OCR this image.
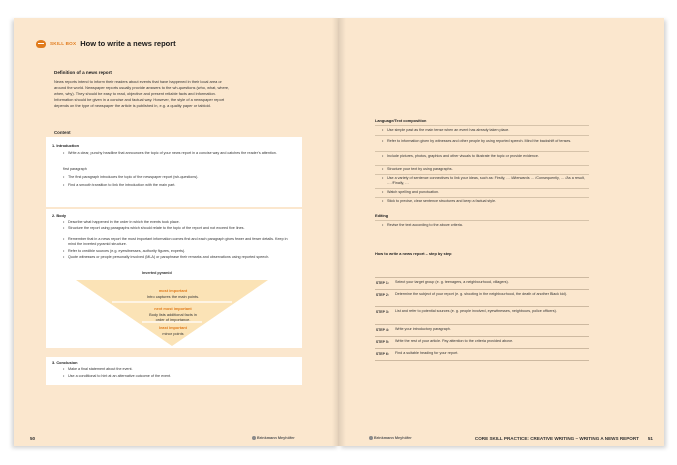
SKILL BOX How to write a news report
Definition of a news report
News reports intend to inform their readers about events that have happened in their local area or around the world. Newspaper reports usually provide answers to the wh-questions (who, what, where, when, why). They should be easy to read, objective and present reliable facts and information. Information should be given in a concise and factual way. However, the style of a newspaper report depends on the type of newspaper the article is published in, e.g. a quality paper or tabloid.
Content
1. Introduction
• Write a clear, punchy headline that announces the topic of your news report in a concise way and catches the reader’s attention.
first paragraph
• The first paragraph introduces the topic of the newspaper report (wh-questions).
• Find a smooth transition to link the introduction with the main part.
2. Body
• Describe what happened in the order in which the events took place.
• Structure the report using paragraphs which should relate to the topic of the report and not exceed five lines.
• Remember that in a news report the most important information comes first and each paragraph gives fewer and fewer details. Keep in mind the inverted pyramid structure.
• Refer to credible sources (e.g. eyewitnesses, authority figures, experts).
• Quote witnesses or people personally involved (MLA) or paraphrase their remarks and observations using reported speech.
Inverted pyramid
most important
Intro captures the main points.
next most important
Body lists additional facts in order of importance.
least important
minor points
3. Conclusion
• Make a final statement about the event.
• Use a conditional to hint at an alternative outcome of the event.
50	Brinkmann Meyhöfer
Language/Text composition
• Use simple past as the main tense when an event has already taken place.
• Refer to information given by witnesses and other people by using reported speech. Mind the backshift of tenses.
• Include pictures, photos, graphics and other visuals to illustrate the topic or provide evidence.
• Structure your text by using paragraphs.
• Use a variety of sentence connectives to link your ideas, such as: Firstly, … /Afterwards … /Consequently, … /As a result, … /Finally, …
• Watch spelling and punctuation.
• Stick to precise, clear sentence structures and keep a factual style.
Editing
• Revise the text according to the above criteria.
How to write a news report – step by step
51
CORE SKILL PRACTICE: CREATIVE WRITING – WRITING A NEWS REPORT
Brinkmann Meyhöfer
STEP 1: Select your target group (e. g. teenagers, a neighbourhood, villagers).
STEP 2: Determine the subject of your report (e. g. shooting in the neighbourhood, the death of another Black kid).
STEP 3: List and refer to potential sources (e. g. people involved, eyewitnesses, neighbours, police officers).
STEP 4: Write your introductory paragraph.
STEP 5: Write the rest of your article. Pay attention to the criteria provided above.
STEP 6: Find a suitable heading for your report.
